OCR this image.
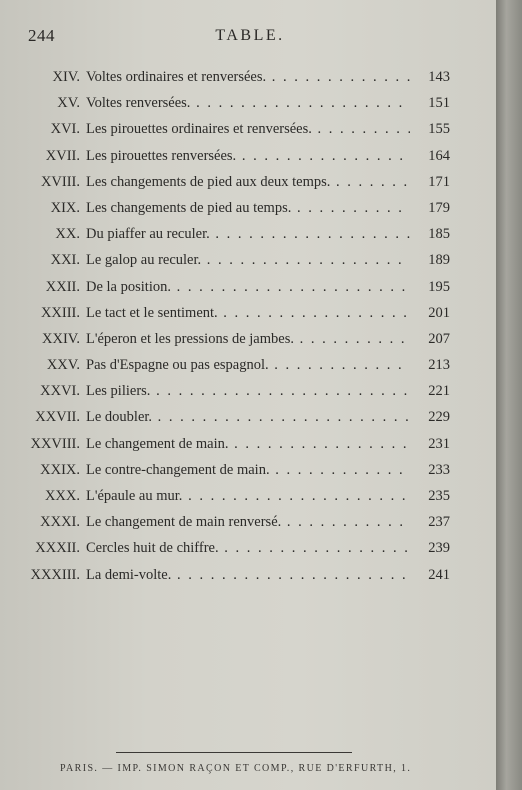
244	TABLE.
XIV. Voltes ordinaires et renversées. . . .	143
XV. Voltes renversées. . . .	151
XVI. Les pirouettes ordinaires et renversées. . . .	155
XVII. Les pirouettes renversées. . . .	164
XVIII. Les changements de pied aux deux temps. . . .	171
XIX. Les changements de pied au temps. . . .	179
XX. Du piaffer au reculer. . . .	185
XXI. Le galop au reculer. . . .	189
XXII. De la position. . . .	195
XXIII. Le tact et le sentiment. . . .	201
XXIV. L'éperon et les pressions de jambes. . . .	207
XXV. Pas d'Espagne ou pas espagnol. . . .	213
XXVI. Les piliers. . . .	221
XXVII. Le doubler. . . .	229
XXVIII. Le changement de main. . . .	231
XXIX. Le contre-changement de main. . . .	233
XXX. L'épaule au mur. . . .	235
XXXI. Le changement de main renversé. . . .	237
XXXII. Cercles huit de chiffre. . . .	239
XXXIII. La demi-volte. . . .	241
PARIS. — IMP. SIMON RAÇON ET COMP., RUE D'ERFURTH, 1.
